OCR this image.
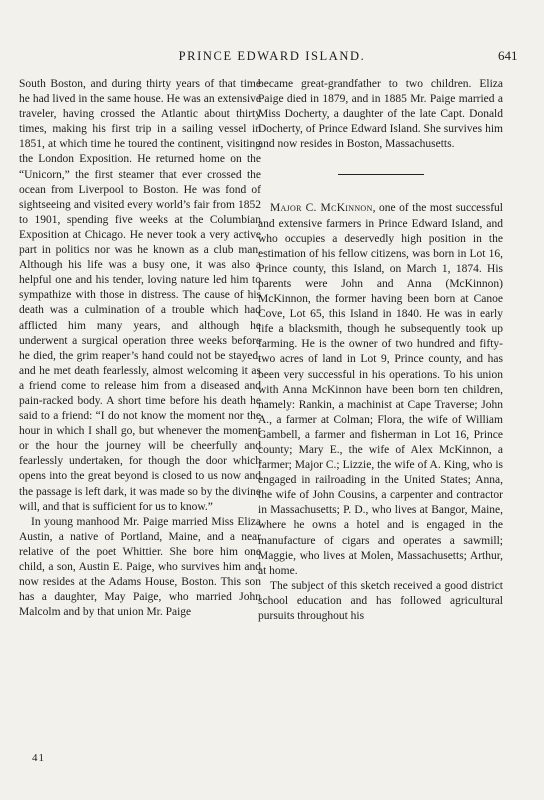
PRINCE EDWARD ISLAND.	641

South Boston, and during thirty years of that time he had lived in the same house. He was an extensive traveler, having crossed the Atlantic about thirty times, making his first trip in a sailing vessel in 1851, at which time he toured the continent, visiting the London Exposition. He returned home on the “Unicorn,” the first steamer that ever crossed the ocean from Liverpool to Boston. He was fond of sightseeing and visited every world’s fair from 1852 to 1901, spending five weeks at the Columbian Exposition at Chicago. He never took a very active part in politics nor was he known as a club man. Although his life was a busy one, it was also a helpful one and his tender, loving nature led him to sympathize with those in distress. The cause of his death was a culmination of a trouble which had afflicted him many years, and although he underwent a surgical operation three weeks before he died, the grim reaper’s hand could not be stayed, and he met death fearlessly, almost welcoming it as a friend come to release him from a diseased and pain-racked body. A short time before his death he said to a friend: “I do not know the moment nor the hour in which I shall go, but whenever the moment or the hour the journey will be cheerfully and fearlessly undertaken, for though the door which opens into the great beyond is closed to us now and the passage is left dark, it was made so by the divine will, and that is sufficient for us to know.”

In young manhood Mr. Paige married Miss Eliza Austin, a native of Portland, Maine, and a near relative of the poet Whittier. She bore him one child, a son, Austin E. Paige, who survives him and now resides at the Adams House, Boston. This son has a daughter, May Paige, who married John Malcolm and by that union Mr. Paige

became great-grandfather to two children. Eliza Paige died in 1879, and in 1885 Mr. Paige married a Miss Docherty, a daughter of the late Capt. Donald Docherty, of Prince Edward Island. She survives him and now resides in Boston, Massachusetts.

Major C. McKinnon, one of the most successful and extensive farmers in Prince Edward Island, and who occupies a deservedly high position in the estimation of his fellow citizens, was born in Lot 16, Prince county, this Island, on March 1, 1874. His parents were John and Anna (McKinnon) McKinnon, the former having been born at Canoe Cove, Lot 65, this Island in 1840. He was in early life a blacksmith, though he subsequently took up farming. He is the owner of two hundred and fifty-two acres of land in Lot 9, Prince county, and has been very successful in his operations. To his union with Anna McKinnon have been born ten children, namely: Rankin, a machinist at Cape Traverse; John A., a farmer at Colman; Flora, the wife of William Gambell, a farmer and fisherman in Lot 16, Prince county; Mary E., the wife of Alex McKinnon, a farmer; Major C.; Lizzie, the wife of A. King, who is engaged in railroading in the United States; Anna, the wife of John Cousins, a carpenter and contractor in Massachusetts; P. D., who lives at Bangor, Maine, where he owns a hotel and is engaged in the manufacture of cigars and operates a sawmill; Maggie, who lives at Molen, Massachusetts; Arthur, at home.

The subject of this sketch received a good district school education and has followed agricultural pursuits throughout his

41
